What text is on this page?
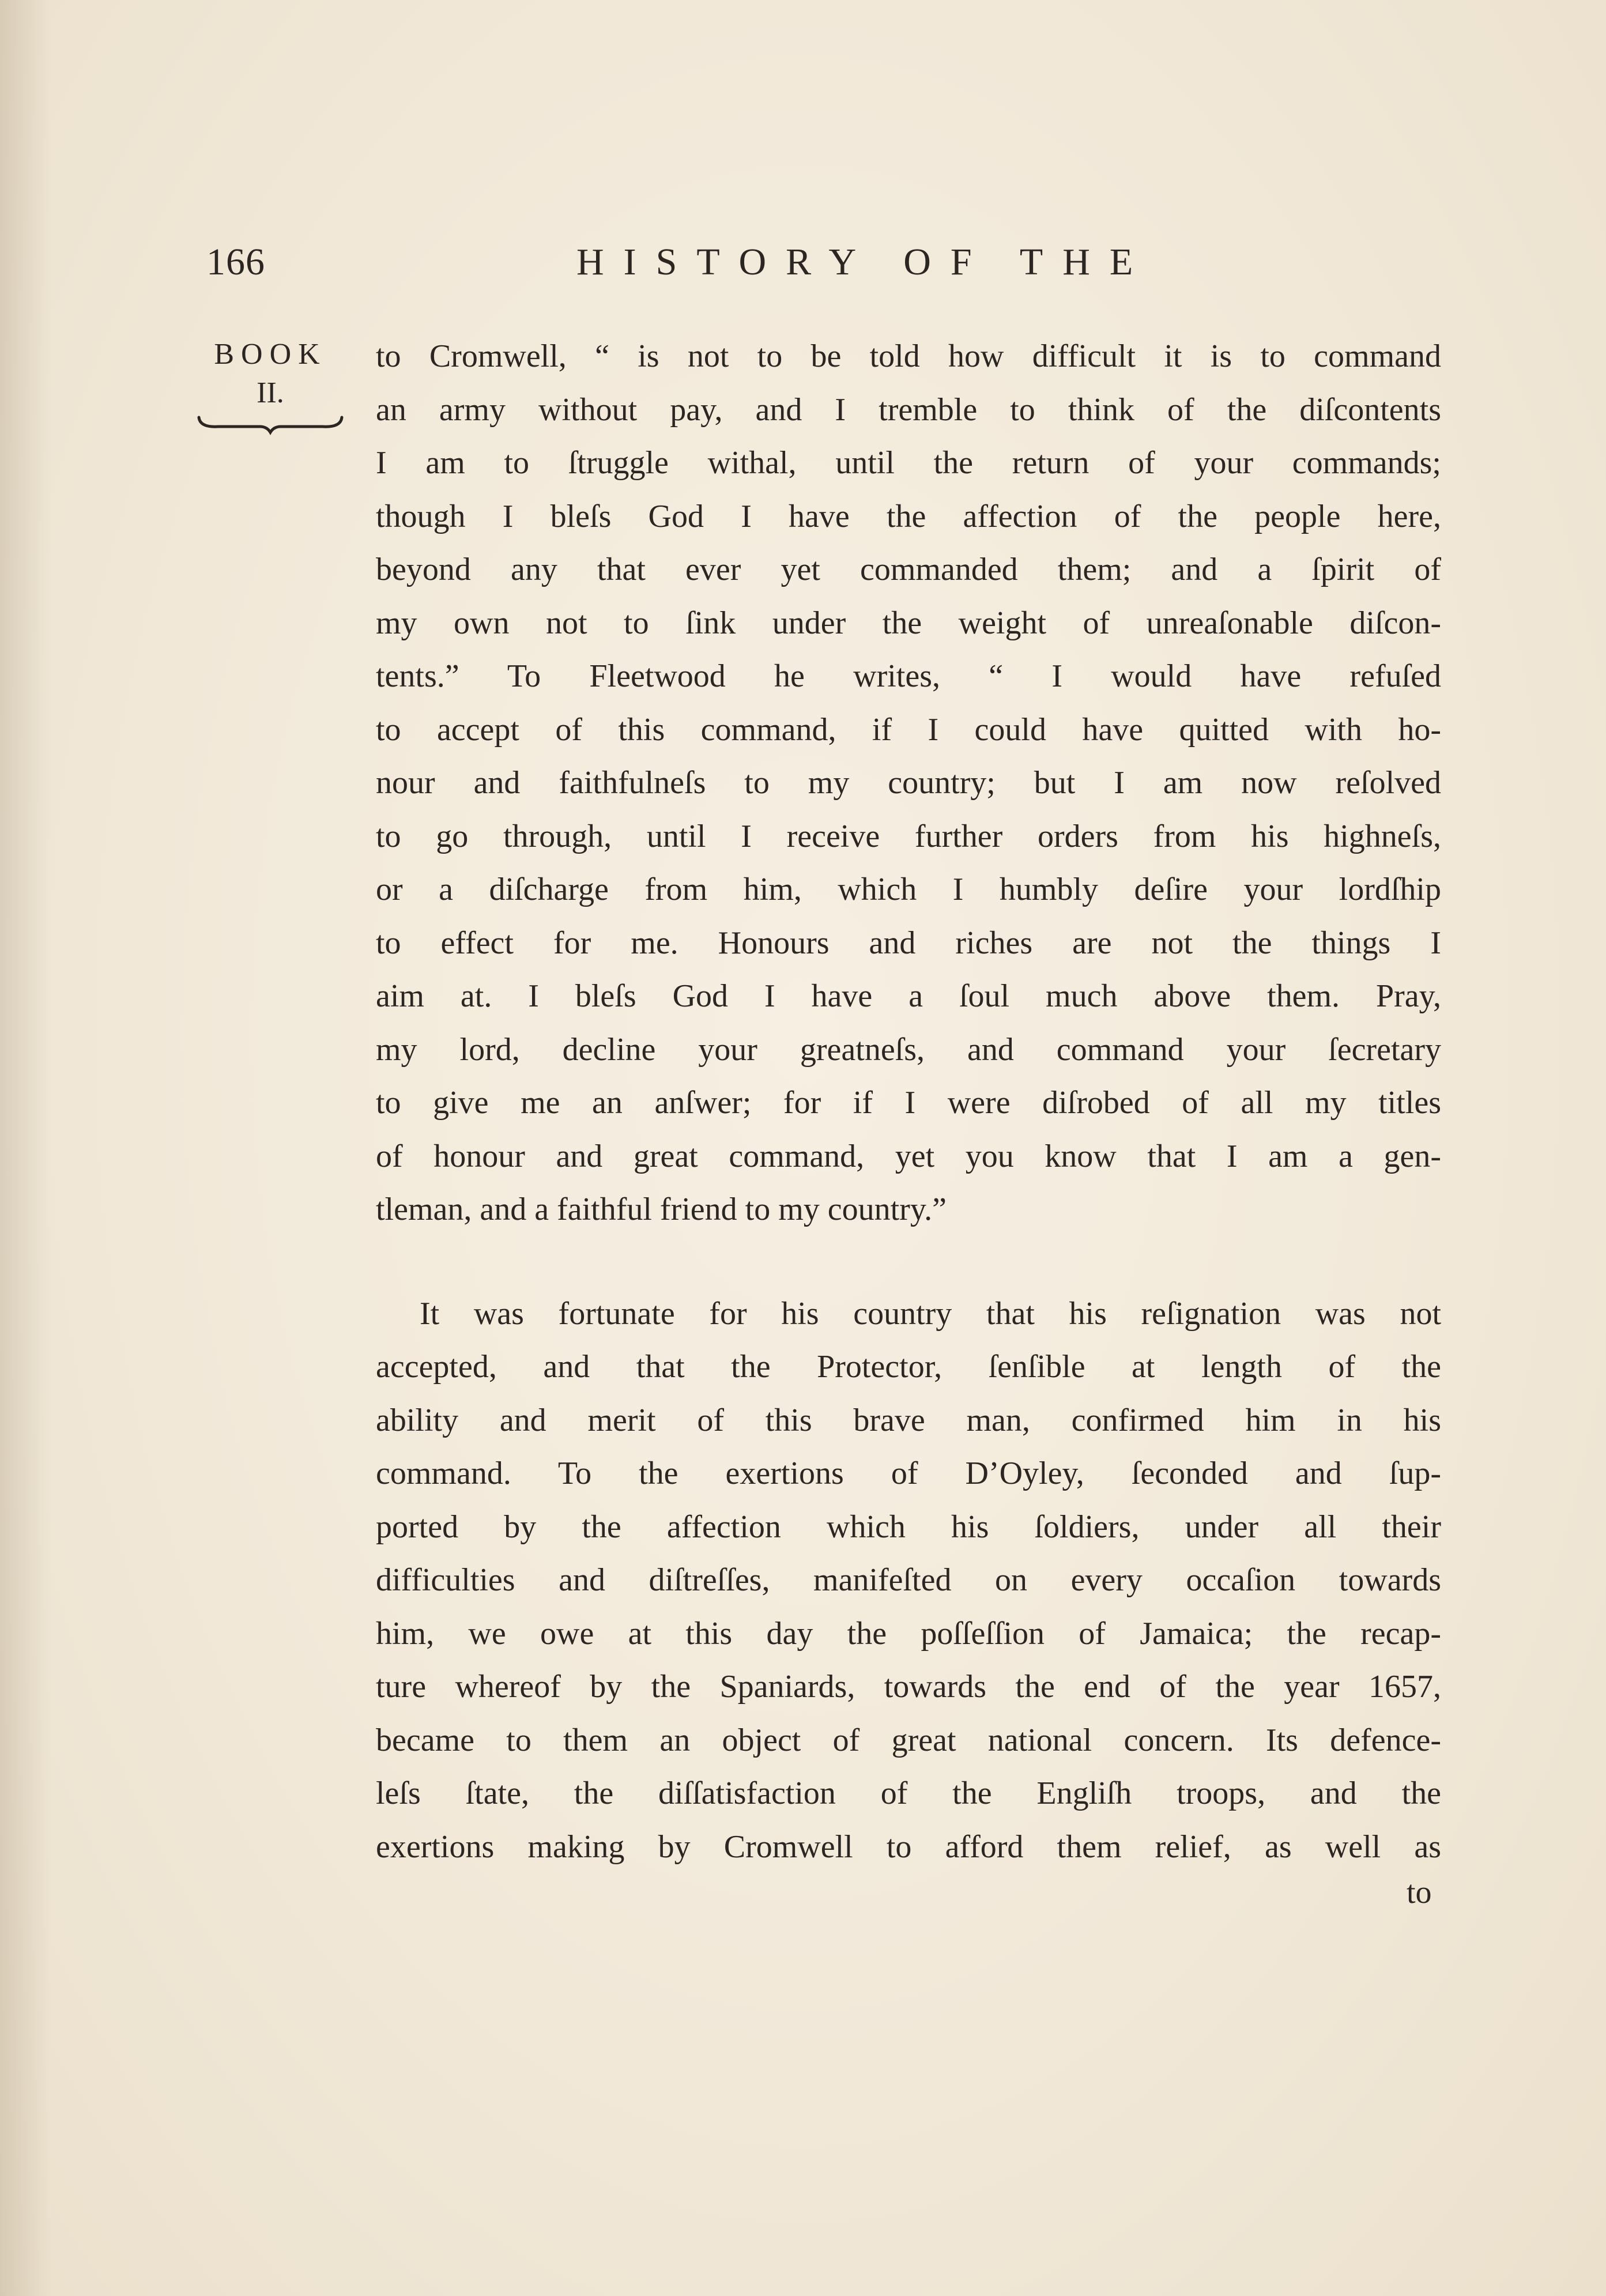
166	HISTORY OF THE
BOOK
II.
to Cromwell, “ is not to be told how difficult it is to command
an army without pay, and I tremble to think of the diſcontents
I am to ſtruggle withal, until the return of your commands;
though I bleſs God I have the affection of the people here,
beyond any that ever yet commanded them; and a ſpirit of
my own not to ſink under the weight of unreaſonable diſcon-
tents.” To Fleetwood he writes, “ I would have refuſed
to accept of this command, if I could have quitted with ho-
nour and faithfulneſs to my country; but I am now reſolved
to go through, until I receive further orders from his highneſs,
or a diſcharge from him, which I humbly deſire your lordſhip
to effect for me. Honours and riches are not the things I
aim at. I bleſs God I have a ſoul much above them. Pray,
my lord, decline your greatneſs, and command your ſecretary
to give me an anſwer; for if I were diſrobed of all my titles
of honour and great command, yet you know that I am a gen-
tleman, and a faithful friend to my country.”
It was fortunate for his country that his reſignation was not
accepted, and that the Protector, ſenſible at length of the
ability and merit of this brave man, confirmed him in his
command. To the exertions of D’Oyley, ſeconded and ſup-
ported by the affection which his ſoldiers, under all their
difficulties and diſtreſſes, manifeſted on every occaſion towards
him, we owe at this day the poſſeſſion of Jamaica; the recap-
ture whereof by the Spaniards, towards the end of the year 1657,
became to them an object of great national concern. Its defence-
leſs ſtate, the diſſatisfaction of the Engliſh troops, and the
exertions making by Cromwell to afford them relief, as well as
to
